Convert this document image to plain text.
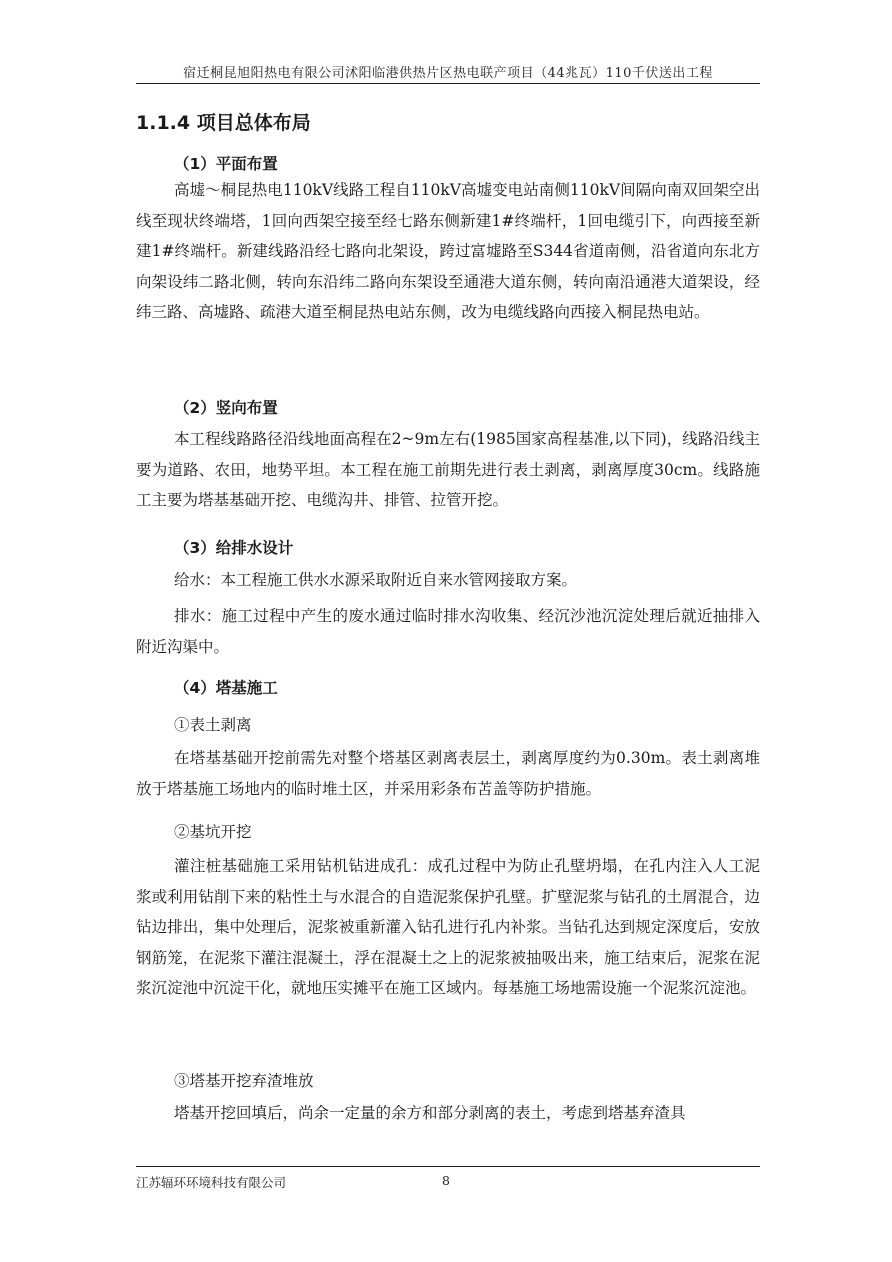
宿迁桐昆旭阳热电有限公司沭阳临港供热片区热电联产项目（44兆瓦）110千伏送出工程
1.1.4 项目总体布局
（1）平面布置
高墟～桐昆热电110kV线路工程自110kV高墟变电站南侧110kV间隔向南双回架空出线至现状终端塔，1回向西架空接至经七路东侧新建1#终端杆，1回电缆引下，向西接至新建1#终端杆。新建线路沿经七路向北架设，跨过富墟路至S344省道南侧，沿省道向东北方向架设纬二路北侧，转向东沿纬二路向东架设至通港大道东侧，转向南沿通港大道架设，经纬三路、高墟路、疏港大道至桐昆热电站东侧，改为电缆线路向西接入桐昆热电站。
（2）竖向布置
本工程线路路径沿线地面高程在2~9m左右(1985国家高程基准,以下同)，线路沿线主要为道路、农田，地势平坦。本工程在施工前期先进行表土剥离，剥离厚度30cm。线路施工主要为塔基基础开挖、电缆沟井、排管、拉管开挖。
（3）给排水设计
给水：本工程施工供水水源采取附近自来水管网接取方案。
排水：施工过程中产生的废水通过临时排水沟收集、经沉沙池沉淀处理后就近抽排入附近沟渠中。
（4）塔基施工
①表土剥离
在塔基基础开挖前需先对整个塔基区剥离表层土，剥离厚度约为0.30m。表土剥离堆放于塔基施工场地内的临时堆土区，并采用彩条布苫盖等防护措施。
②基坑开挖
灌注桩基础施工采用钻机钻进成孔：成孔过程中为防止孔壁坍塌，在孔内注入人工泥浆或利用钻削下来的粘性土与水混合的自造泥浆保护孔壁。扩壁泥浆与钻孔的土屑混合，边钻边排出，集中处理后，泥浆被重新灌入钻孔进行孔内补浆。当钻孔达到规定深度后，安放钢筋笼，在泥浆下灌注混凝土，浮在混凝土之上的泥浆被抽吸出来，施工结束后，泥浆在泥浆沉淀池中沉淀干化，就地压实摊平在施工区域内。每基施工场地需设施一个泥浆沉淀池。
③塔基开挖弃渣堆放
塔基开挖回填后，尚余一定量的余方和部分剥离的表土，考虑到塔基弃渣具
江苏辐环环境科技有限公司	8
